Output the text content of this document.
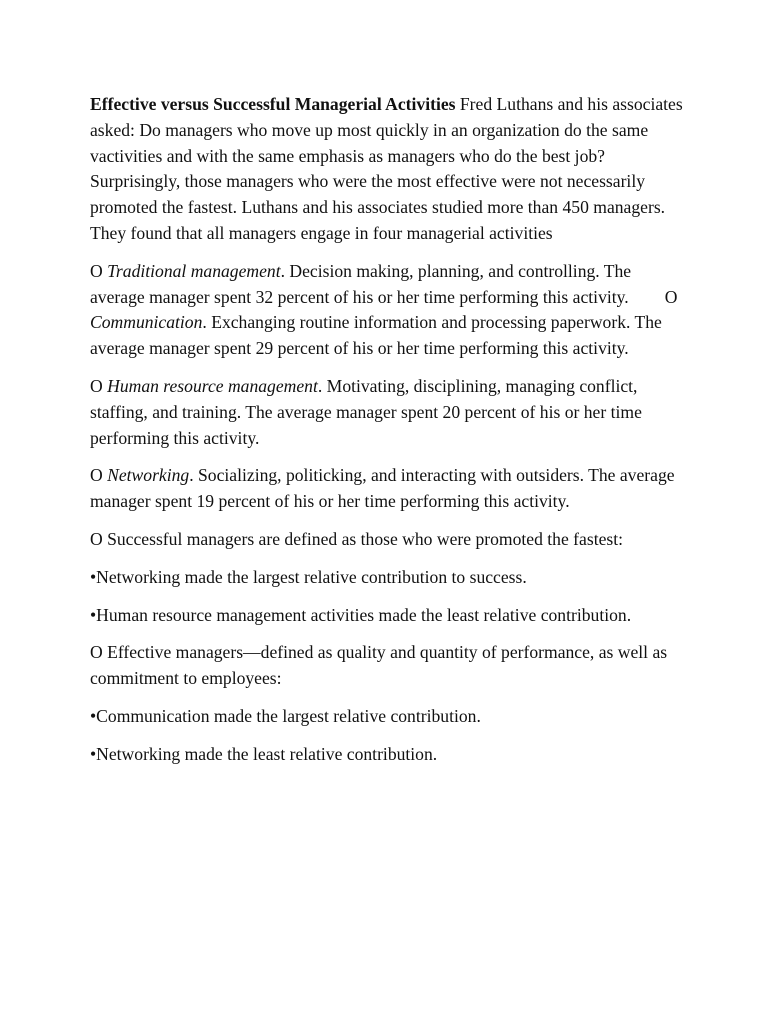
Effective versus Successful Managerial Activities Fred Luthans and his associates asked: Do managers who move up most quickly in an organization do the same vactivities and with the same emphasis as managers who do the best job? Surprisingly, those managers who were the most effective were not necessarily promoted the fastest. Luthans and his associates studied more than 450 managers. They found that all managers engage in four managerial activities

O Traditional management. Decision making, planning, and controlling. The average manager spent 32 percent of his or her time performing this activity. O Communication. Exchanging routine information and processing paperwork. The average manager spent 29 percent of his or her time performing this activity.

O Human resource management. Motivating, disciplining, managing conflict, staffing, and training. The average manager spent 20 percent of his or her time performing this activity.

O Networking. Socializing, politicking, and interacting with outsiders. The average manager spent 19 percent of his or her time performing this activity.

O Successful managers are defined as those who were promoted the fastest:

•Networking made the largest relative contribution to success.

•Human resource management activities made the least relative contribution.

O Effective managers—defined as quality and quantity of performance, as well as commitment to employees:

•Communication made the largest relative contribution.

•Networking made the least relative contribution.
